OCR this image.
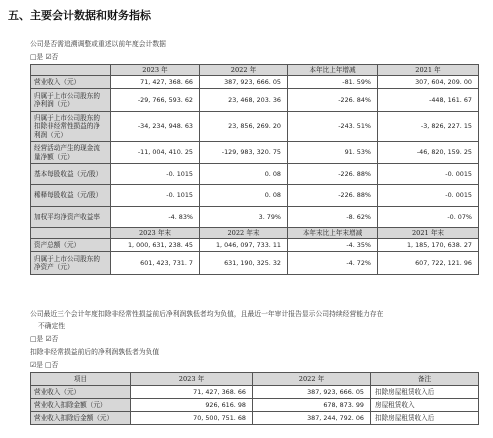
五、主要会计数据和财务指标
公司是否需追溯调整或重述以前年度会计数据
□是 ☑否
	2023 年	2022 年	本年比上年增减	2021 年
营业收入（元）	71, 427, 368. 66	387, 923, 666. 05	-81. 59%	307, 604, 209. 00
归属于上市公司股东的净利润（元）	-29, 766, 593. 62	23, 468, 203. 36	-226. 84%	-448, 161. 67
归属于上市公司股东的扣除非经常性损益的净利润（元）	-34, 234, 948. 63	23, 856, 269. 20	-243. 51%	-3, 826, 227. 15
经营活动产生的现金流量净额（元）	-11, 004, 410. 25	-129, 983, 320. 75	91. 53%	-46, 820, 159. 25
基本每股收益（元/股）	-0. 1015	0. 08	-226. 88%	-0. 0015
稀释每股收益（元/股）	-0. 1015	0. 08	-226. 88%	-0. 0015
加权平均净资产收益率	-4. 83%	3. 79%	-8. 62%	-0. 07%
	2023 年末	2022 年末	本年末比上年末增减	2021 年末
资产总额（元）	1, 000, 631, 238. 45	1, 046, 097, 733. 11	-4. 35%	1, 185, 170, 638. 27
归属于上市公司股东的净资产（元）	601, 423, 731. 7	631, 190, 325. 32	-4. 72%	607, 722, 121. 96
公司最近三个会计年度扣除非经常性损益前后净利润孰低者均为负值，且最近一年审计报告显示公司持续经营能力存在
不确定性
□是 ☑否
扣除非经常损益前后的净利润孰低者为负值
☑是 □否
项目	2023 年	2022 年	备注
营业收入（元）	71, 427, 368. 66	387, 923, 666. 05	扣除房屋租赁收入后
营业收入扣除金额（元）	926, 616. 98	678, 873. 99	房屋租赁收入
营业收入扣除后金额（元）	70, 500, 751. 68	387, 244, 792. 06	扣除房屋租赁收入后
